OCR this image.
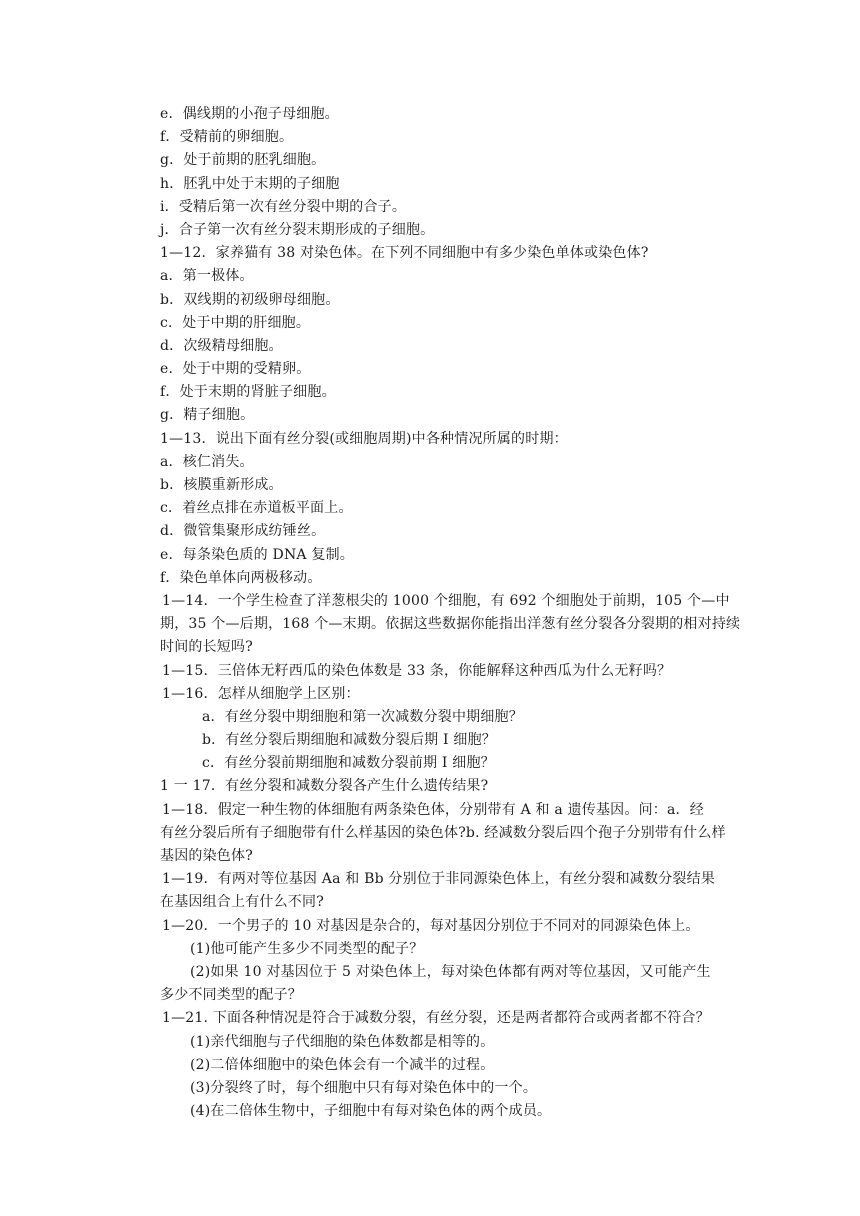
e．偶线期的小孢子母细胞。
f．受精前的卵细胞。
g．处于前期的胚乳细胞。
h．胚乳中处于末期的子细胞
i．受精后第一次有丝分裂中期的合子。
j．合子第一次有丝分裂末期形成的子细胞。
1—12．家养猫有 38 对染色体。在下列不同细胞中有多少染色单体或染色体?
a．第一极体。
b．双线期的初级卵母细胞。
c．处于中期的肝细胞。
d．次级精母细胞。
e．处于中期的受精卵。
f．处于末期的肾脏子细胞。
g．精子细胞。
1—13．说出下面有丝分裂(或细胞周期)中各种情况所属的时期：
a．核仁消失。
b．核膜重新形成。
c．着丝点排在赤道板平面上。
d．微管集聚形成纺锤丝。
e．每条染色质的 DNA 复制。
f．染色单体向两极移动。
1—14．一个学生检查了洋葱根尖的 1000 个细胞，有 692 个细胞处于前期，105 个—中
期，35 个—后期，168 个—末期。依据这些数据你能指出洋葱有丝分裂各分裂期的相对持续
时间的长短吗?
1—15．三倍体无籽西瓜的染色体数是 33 条，你能解释这种西瓜为什么无籽吗？
1—16．怎样从细胞学上区别：
a．有丝分裂中期细胞和第一次减数分裂中期细胞？
b．有丝分裂后期细胞和减数分裂后期 I 细胞？
c．有丝分裂前期细胞和减数分裂前期 I 细胞？
1 一 17．有丝分裂和减数分裂各产生什么遗传结果?
1—18．假定一种生物的体细胞有两条染色体，分别带有 A 和 a 遗传基因。问：a．经
有丝分裂后所有子细胞带有什么样基因的染色体?b. 经减数分裂后四个孢子分别带有什么样
基因的染色体?
1—19．有两对等位基因 Aa 和 Bb 分别位于非同源染色体上，有丝分裂和减数分裂结果
在基因组合上有什么不同?
1—20．一个男子的 10 对基因是杂合的，每对基因分别位于不同对的同源染色体上。
(1)他可能产生多少不同类型的配子？
(2)如果 10 对基因位于 5 对染色体上，每对染色体都有两对等位基因，又可能产生
多少不同类型的配子？
1—21. 下面各种情况是符合于减数分裂，有丝分裂，还是两者都符合或两者都不符合？
(1)亲代细胞与子代细胞的染色体数都是相等的。
(2)二倍体细胞中的染色体会有一个减半的过程。
(3)分裂终了时，每个细胞中只有每对染色体中的一个。
(4)在二倍体生物中，子细胞中有每对染色体的两个成员。
